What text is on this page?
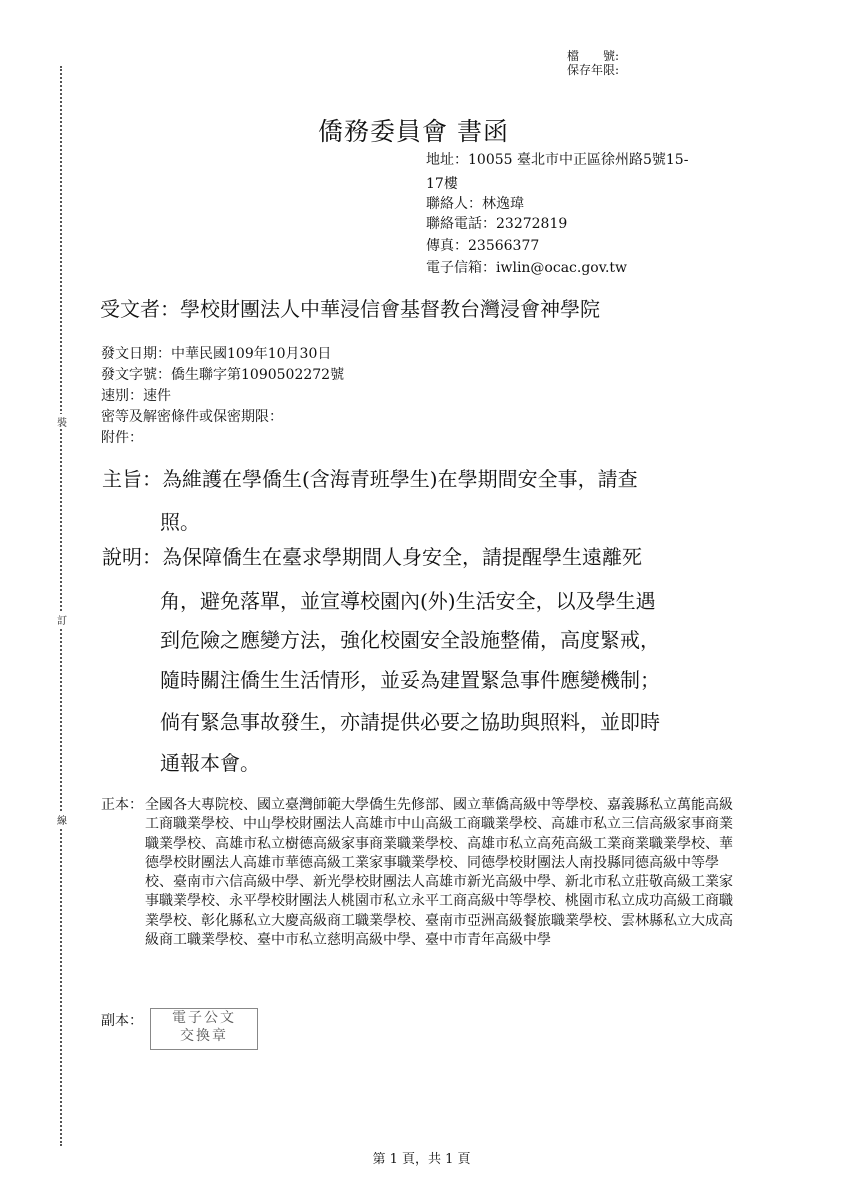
裝
訂
線
檔　　號:
保存年限:
僑務委員會 書函
地址：10055 臺北市中正區徐州路5號15-
17樓
聯絡人：林逸瑋
聯絡電話：23272819
傳真：23566377
電子信箱：iwlin@ocac.gov.tw
受文者：學校財團法人中華浸信會基督教台灣浸會神學院
發文日期：中華民國109年10月30日
發文字號：僑生聯字第1090502272號
速別：速件
密等及解密條件或保密期限：
附件：
主旨：為維護在學僑生(含海青班學生)在學期間安全事，請查
照。
說明：為保障僑生在臺求學期間人身安全，請提醒學生遠離死
角，避免落單，並宣導校園內(外)生活安全，以及學生遇
到危險之應變方法，強化校園安全設施整備，高度緊戒，
隨時關注僑生生活情形，並妥為建置緊急事件應變機制；
倘有緊急事故發生，亦請提供必要之協助與照料，並即時
通報本會。
正本： 全國各大專院校、國立臺灣師範大學僑生先修部、國立華僑高級中等學校、嘉義縣私立萬能高級工商職業學校、中山學校財團法人高雄市中山高級工商職業學校、高雄市私立三信高級家事商業職業學校、高雄市私立樹德高級家事商業職業學校、高雄市私立高苑高級工業商業職業學校、華德學校財團法人高雄市華德高級工業家事職業學校、同德學校財團法人南投縣同德高級中等學校、臺南市六信高級中學、新光學校財團法人高雄市新光高級中學、新北市私立莊敬高級工業家事職業學校、永平學校財團法人桃園市私立永平工商高級中等學校、桃園市私立成功高級工商職業學校、彰化縣私立大慶高級商工職業學校、臺南市亞洲高級餐旅職業學校、雲林縣私立大成高級商工職業學校、臺中市私立慈明高級中學、臺中市青年高級中學
副本：	電子公文
交換章
第 1 頁，共 1 頁
